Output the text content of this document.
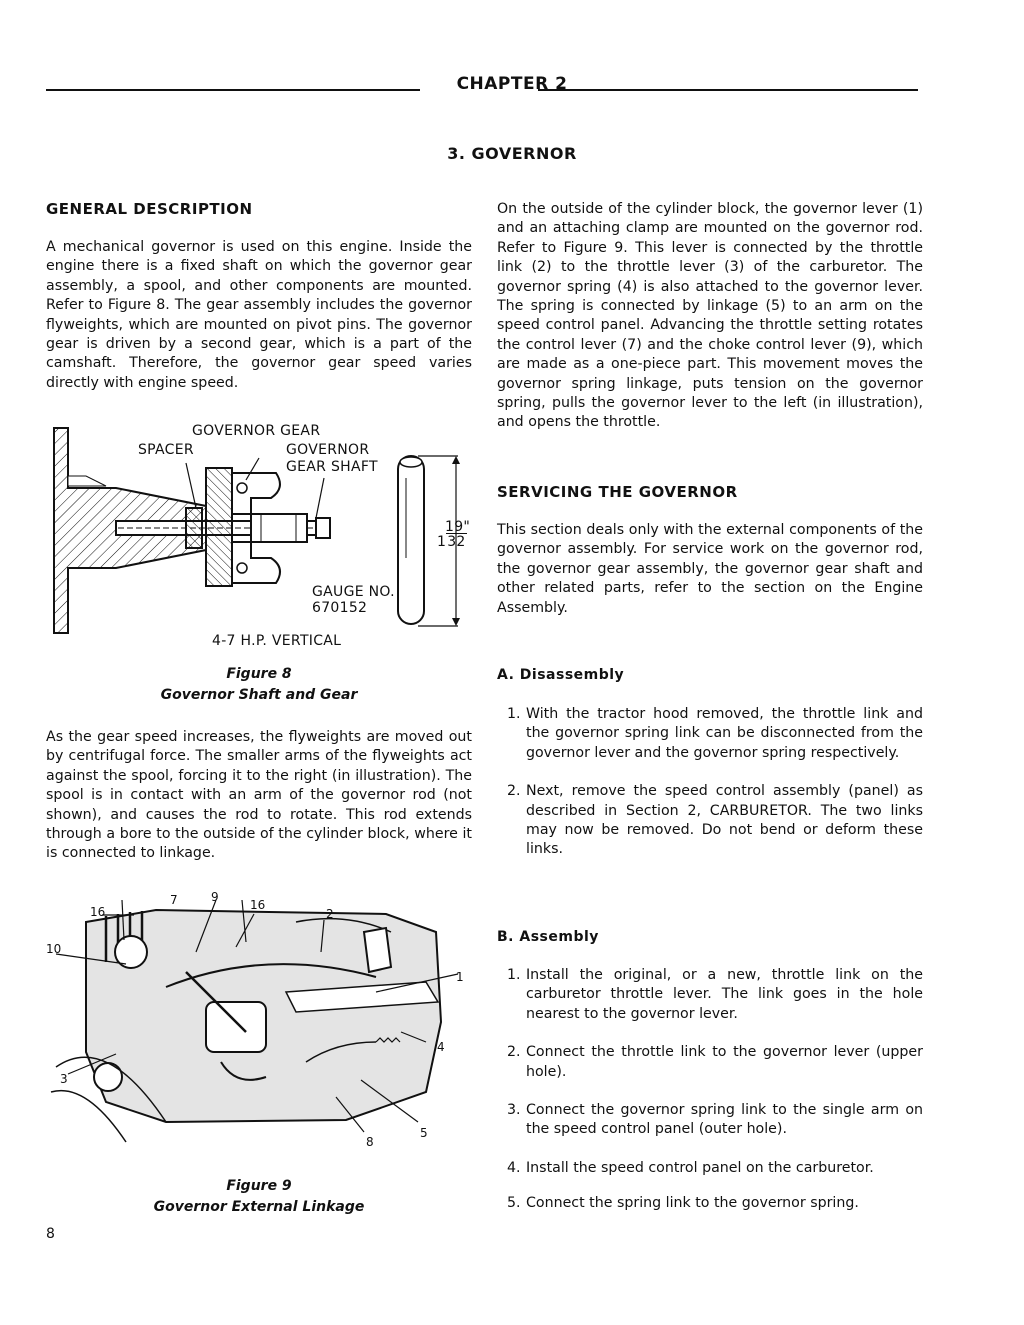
CHAPTER 2
3. GOVERNOR
GENERAL DESCRIPTION
A mechanical governor is used on this engine. Inside the engine there is a fixed shaft on which the governor gear assembly, a spool, and other components are mounted. Refer to Figure 8. The gear assembly includes the governor flyweights, which are mounted on pivot pins. The governor gear is driven by a second gear, which is a part of the camshaft. Therefore, the governor gear speed varies directly with engine speed.
GOVERNOR GEAR
SPACER	GOVERNOR
GEAR SHAFT
19"
132
GAUGE NO.
670152
4-7 H.P. VERTICAL
Figure 8
Governor Shaft and Gear
As the gear speed increases, the flyweights are moved out by centrifugal force. The smaller arms of the flyweights act against the spool, forcing it to the right (in illustration). The spool is in contact with an arm of the governor rod (not shown), and causes the rod to rotate. This rod extends through a bore to the outside of the cylinder block, where it is connected to linkage.
16
7	9
16
2
10
1
3
4
5
8
Figure 9
Governor External Linkage
8
On the outside of the cylinder block, the governor lever (1) and an attaching clamp are mounted on the governor rod. Refer to Figure 9. This lever is connected by the throttle link (2) to the throttle lever (3) of the carburetor. The governor spring (4) is also attached to the governor lever. The spring is connected by linkage (5) to an arm on the speed control panel. Advancing the throttle setting rotates the control lever (7) and the choke control lever (9), which are made as a one-piece part. This movement moves the governor spring linkage, puts tension on the governor spring, pulls the governor lever to the left (in illustration), and opens the throttle.
SERVICING THE GOVERNOR
This section deals only with the external components of the governor assembly. For service work on the governor rod, the governor gear assembly, the governor gear shaft and other related parts, refer to the section on the Engine Assembly.
A. Disassembly
1. With the tractor hood removed, the throttle link and the governor spring link can be disconnected from the governor lever and the governor spring respectively.
2. Next, remove the speed control assembly (panel) as described in Section 2, CARBURETOR. The two links may now be removed. Do not bend or deform these links.
B. Assembly
1. Install the original, or a new, throttle link on the carburetor throttle lever. The link goes in the hole nearest to the governor lever.
2. Connect the throttle link to the governor lever (upper hole).
3. Connect the governor spring link to the single arm on the speed control panel (outer hole).
4. Install the speed control panel on the carburetor.
5. Connect the spring link to the governor spring.
